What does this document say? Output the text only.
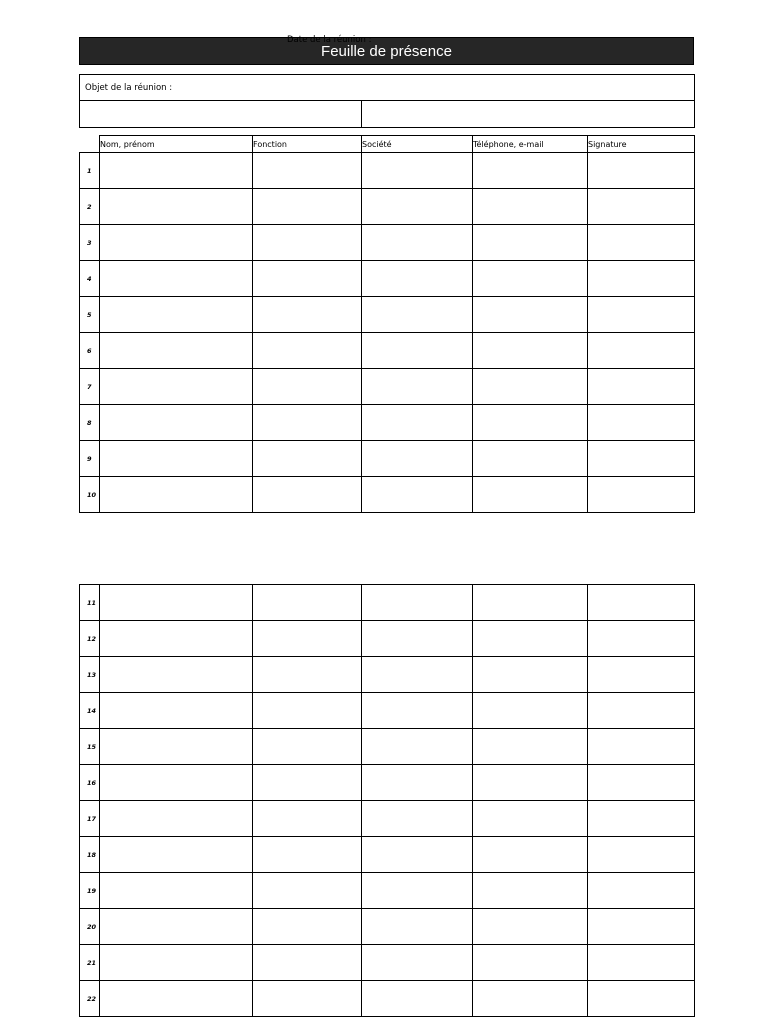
Feuille de présence
Objet de la réunion :
Date de la réunion :
	Nom, prénom	Fonction	Société	Téléphone, e-mail	Signature
1					
2					
3					
4					
5					
6					
7					
8					
9					
10					
11					
12					
13					
14					
15					
16					
17					
18					
19					
20					
21					
22					
